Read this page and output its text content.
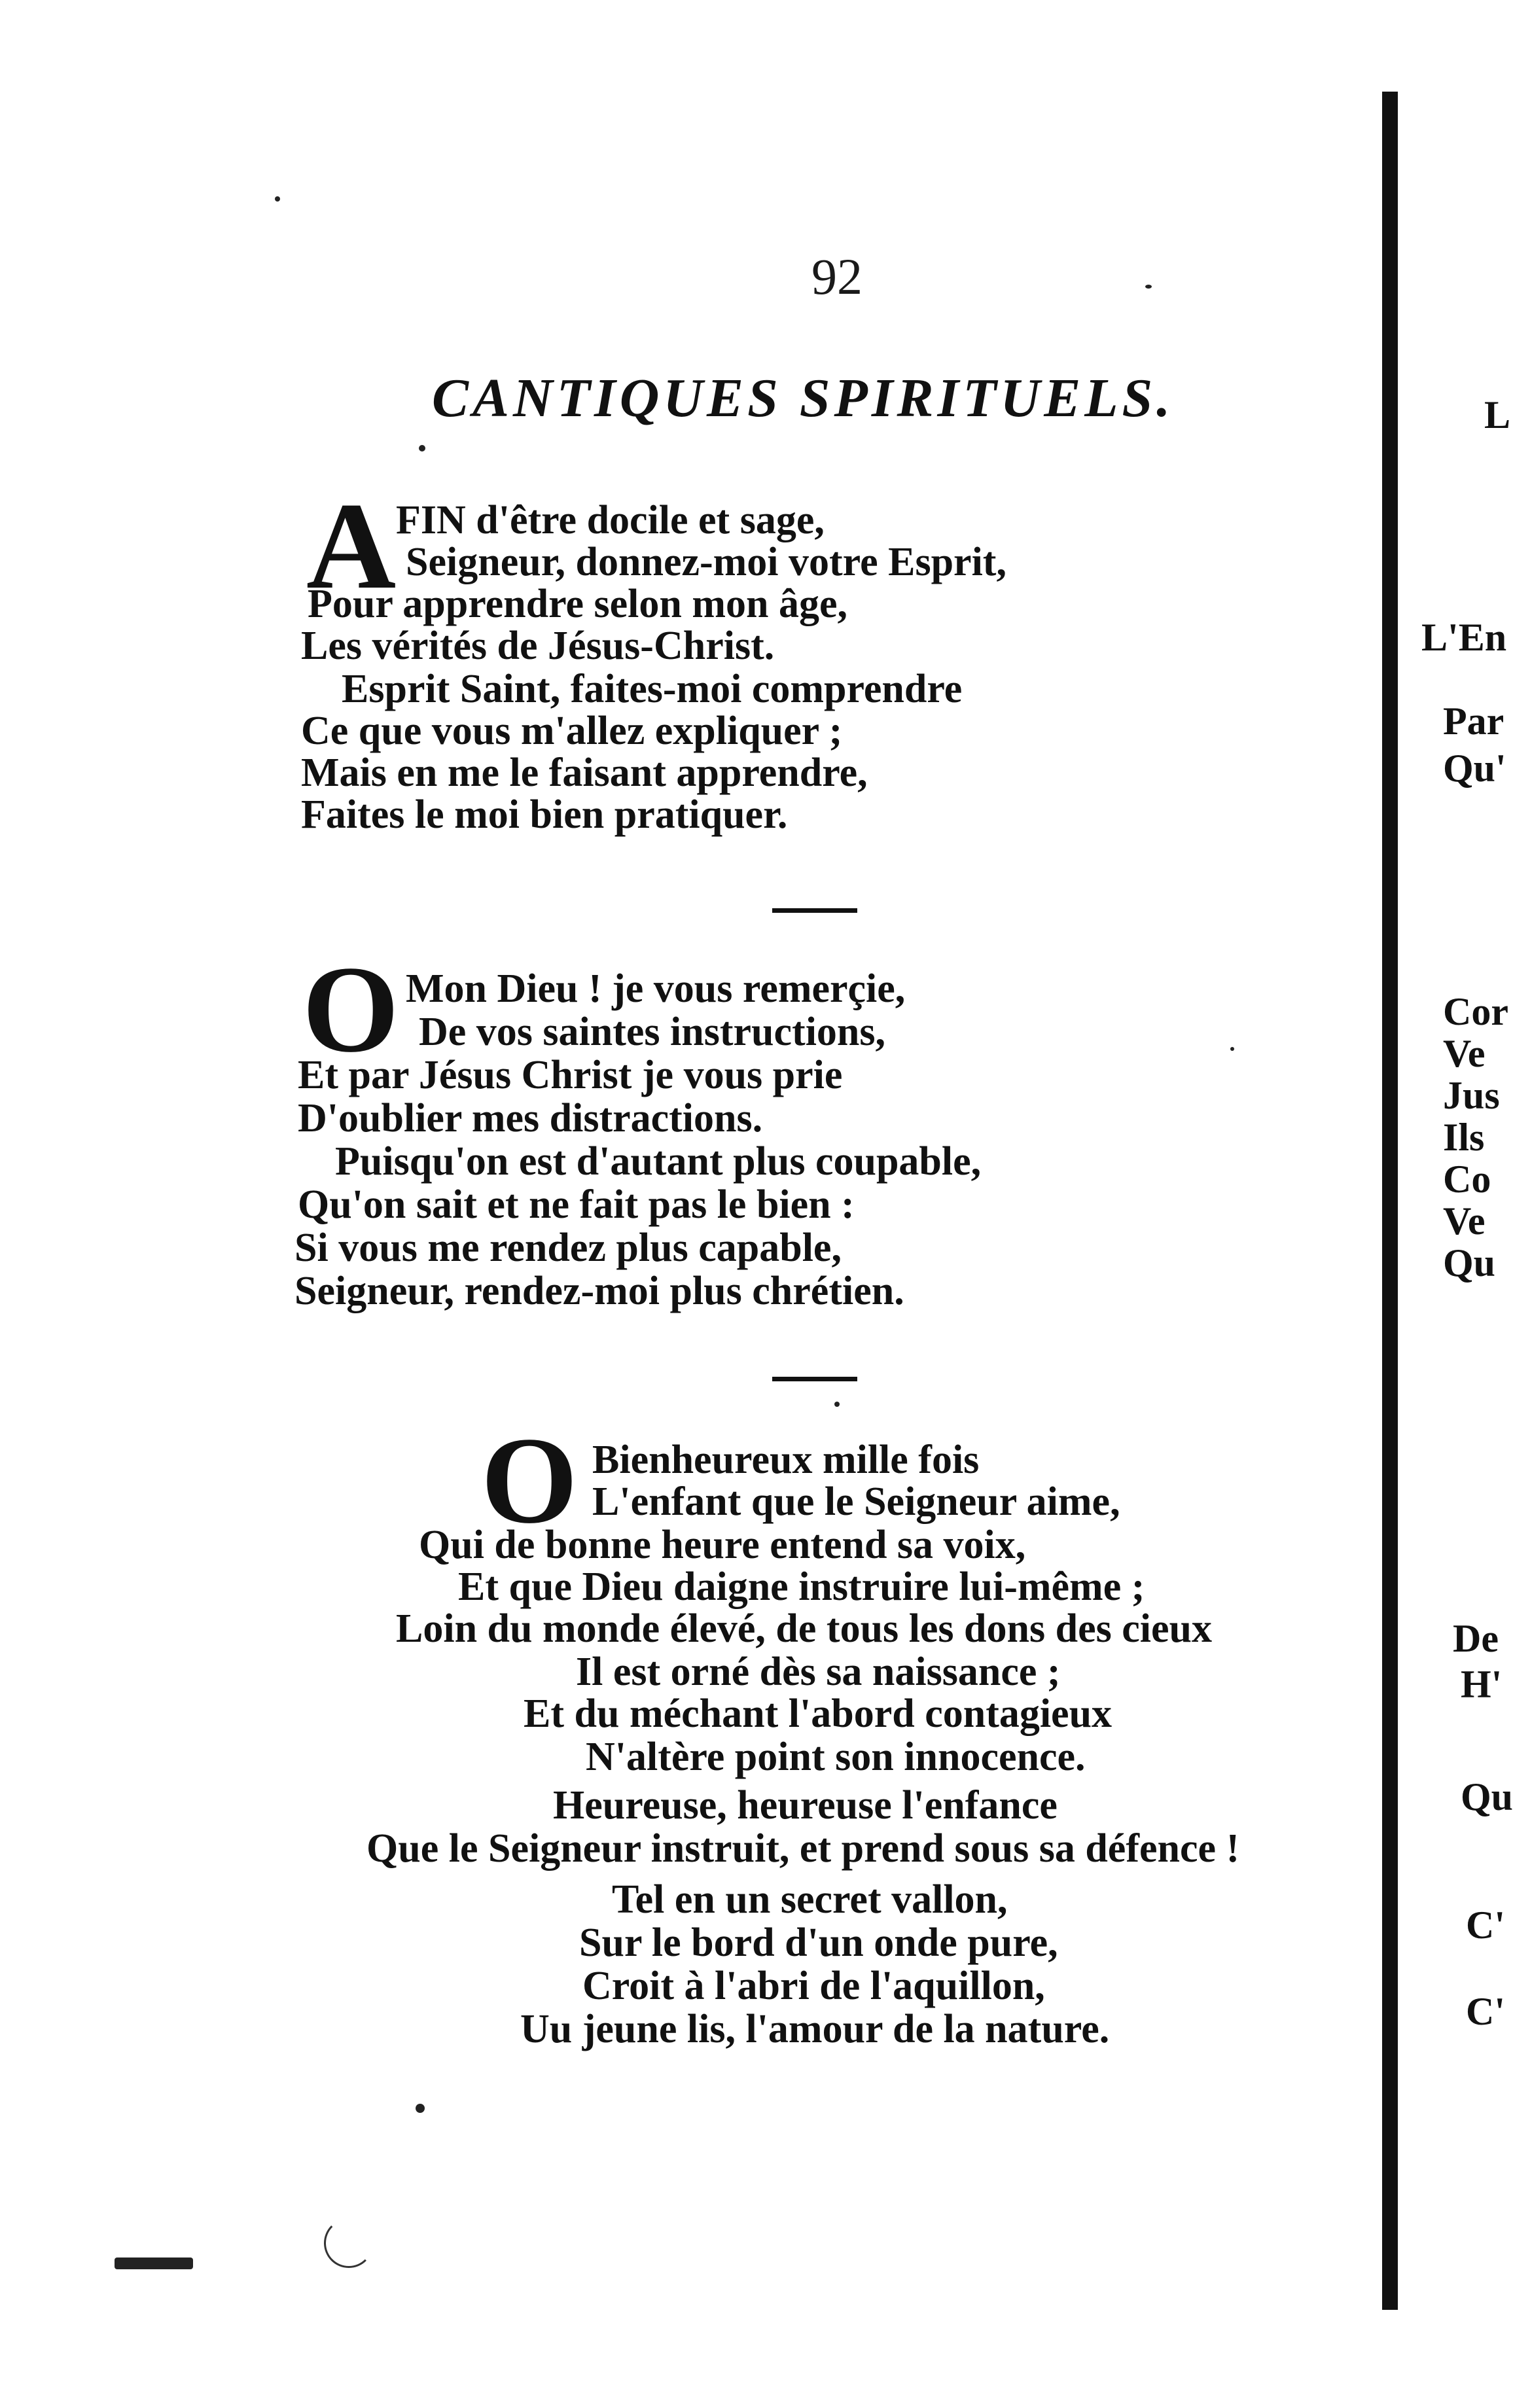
92
CANTIQUES SPIRITUELS.
A FIN d'être docile et sage,
Seigneur, donnez-moi votre Esprit,
Pour apprendre selon mon âge,
Les vérités de Jésus-Christ.
Esprit Saint, faites-moi comprendre
Ce que vous m'allez expliquer ;
Mais en me le faisant apprendre,
Faites le moi bien pratiquer.
O Mon Dieu ! je vous remerçie,
De vos saintes instructions,
Et par Jésus Christ je vous prie
D'oublier mes distractions.
Puisqu'on est d'autant plus coupable,
Qu'on sait et ne fait pas le bien :
Si vous me rendez plus capable,
Seigneur, rendez-moi plus chrétien.
O Bienheureux mille fois
L'enfant que le Seigneur aime,
Qui de bonne heure entend sa voix,
Et que Dieu daigne instruire lui-même ;
Loin du monde élevé, de tous les dons des cieux
Il est orné dès sa naissance ;
Et du méchant l'abord contagieux
N'altère point son innocence.
Heureuse, heureuse l'enfance
Que le Seigneur instruit, et prend sous sa défence !
Tel en un secret vallon,
Sur le bord d'un onde pure,
Croit à l'abri de l'aquillon,
Uu jeune lis, l'amour de la nature.
L
L'En
Par
Qu'
Cor
Ve
Jus
Ils
Co
Ve
Qu
De
H'
Qu
C'
C'
